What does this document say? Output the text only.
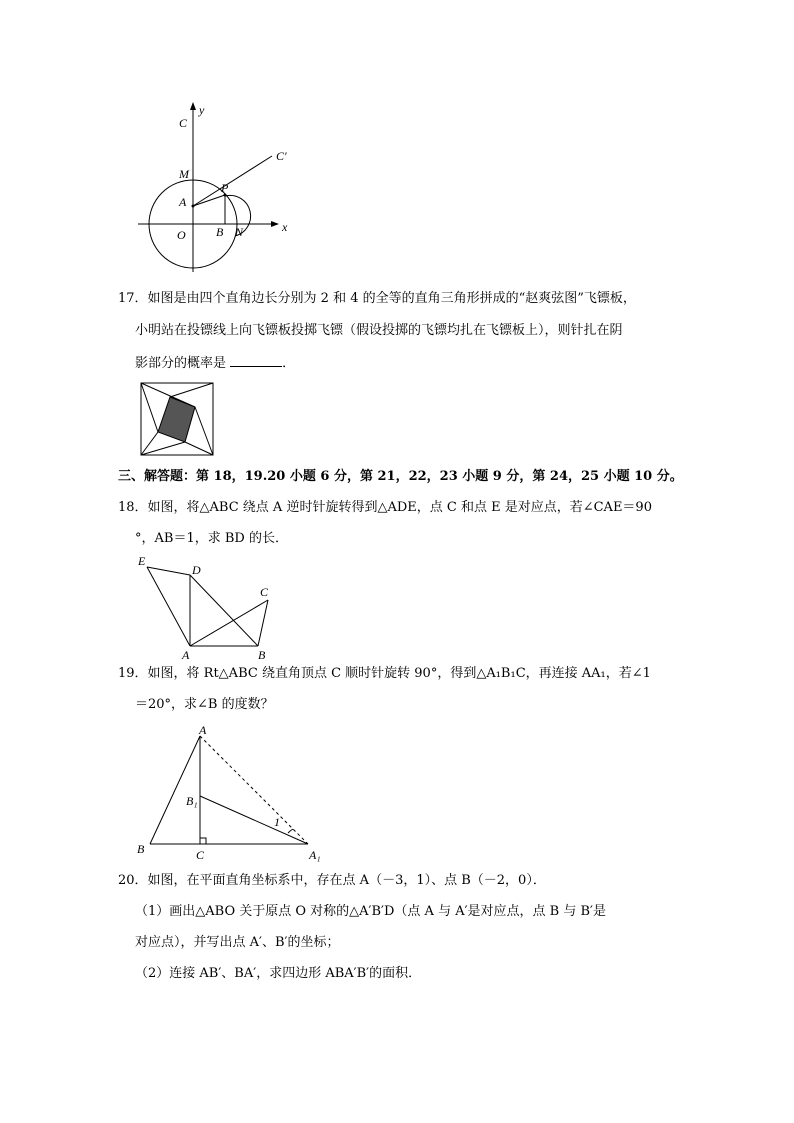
y
x
C
C′
M
P
A
O	B N
17．如图是由四个直角边长分别为 2 和 4 的全等的直角三角形拼成的“赵爽弦图”飞镖板，
小明站在投镖线上向飞镖板投掷飞镖（假设投掷的飞镖均扎在飞镖板上），则针扎在阴
影部分的概率是	．
三、解答题：第 18，19.20 小题 6 分，第 21，22，23 小题 9 分，第 24，25 小题 10 分。
18．如图，将△ABC 绕点 A 逆时针旋转得到△ADE，点 C 和点 E 是对应点，若∠CAE＝90
°，AB＝1，求 BD 的长．
E
D
C
A	B
19．如图，将 Rt△ABC 绕直角顶点 C 顺时针旋转 90°，得到△A₁B₁C，再连接 AA₁，若∠1
＝20°，求∠B 的度数？
A
B₁
1
B	C	A₁
20．如图，在平面直角坐标系中，存在点 A（－3，1）、点 B（－2，0）．
（1）画出△ABO 关于原点 O 对称的△A′B′D（点 A 与 A′是对应点，点 B 与 B′是
对应点），并写出点 A′、B′的坐标；
（2）连接 AB′、BA′，求四边形 ABA′B′的面积．
